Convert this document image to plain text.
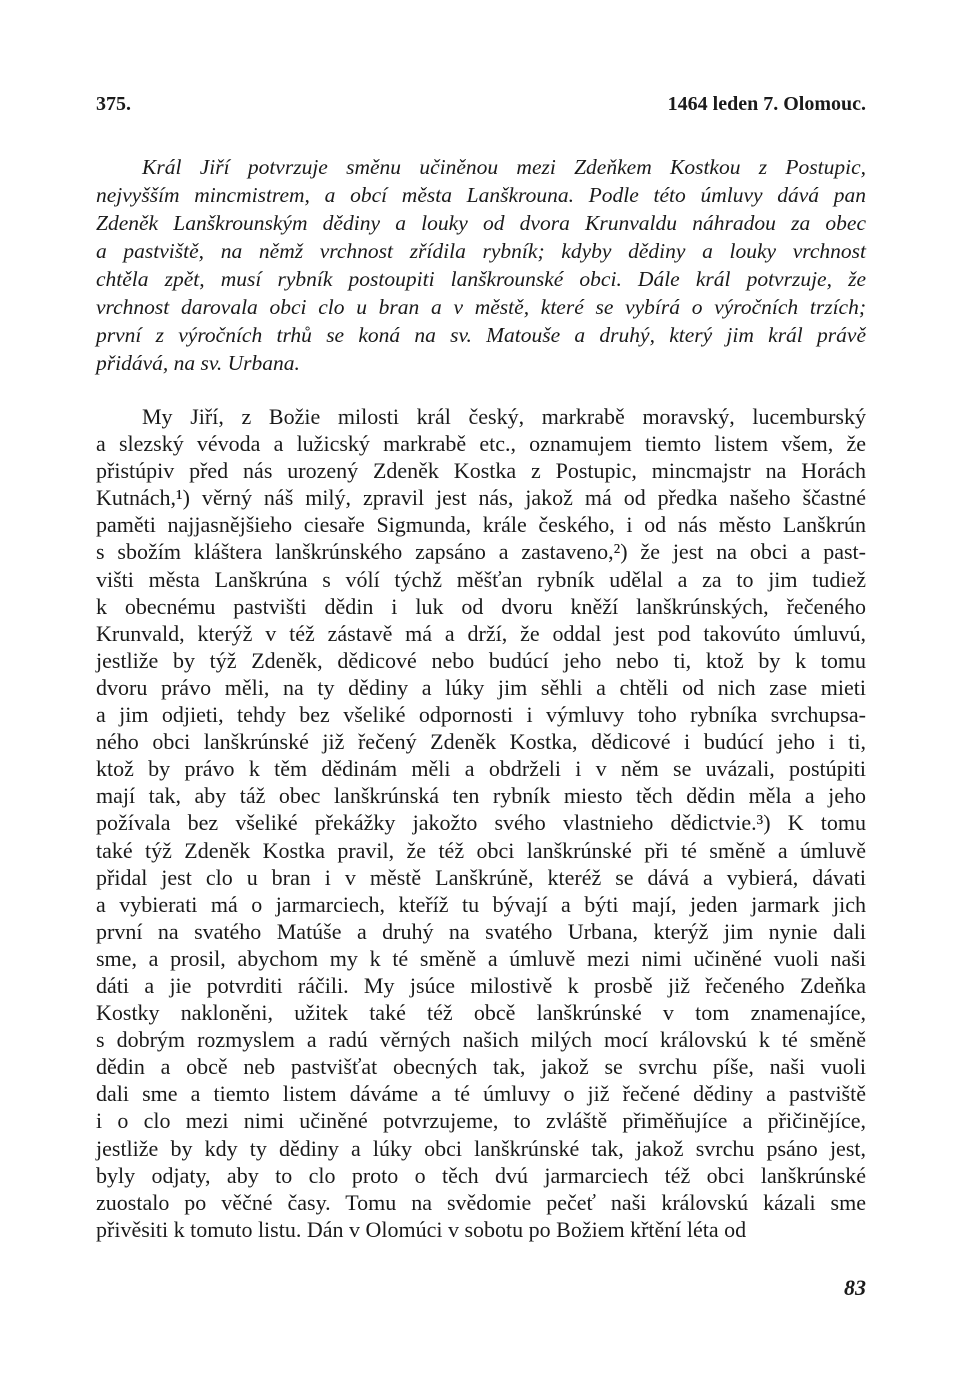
375.	1464 leden 7. Olomouc.
Král Jiří potvrzuje směnu učiněnou mezi Zdeňkem Kostkou z Postupic,
nejvyšším mincmistrem, a obcí města Lanškrouna. Podle této úmluvy dává pan
Zdeněk Lanškrounským dědiny a louky od dvora Krunvaldu náhradou za obec
a pastviště, na němž vrchnost zřídila rybník; kdyby dědiny a louky vrchnost
chtěla zpět, musí rybník postoupiti lanškrounské obci. Dále král potvrzuje, že
vrchnost darovala obci clo u bran a v městě, které se vybírá o výročních trzích;
první z výročních trhů se koná na sv. Matouše a druhý, který jim král právě
přidává, na sv. Urbana.
My Jiří, z Božie milosti král český, markrabě moravský, lucemburský
a slezský vévoda a lužicský markrabě etc., oznamujem tiemto listem všem, že
přistúpiv před nás urozený Zdeněk Kostka z Postupic, mincmajstr na Horách
Kutnách,¹) věrný náš milý, zpravil jest nás, jakož má od předka našeho ščastné
paměti najjasnějšieho ciesaře Sigmunda, krále českého, i od nás město Lanškrún
s sbožím kláštera lanškrúnského zapsáno a zastaveno,²) že jest na obci a past-
višti města Lanškrúna s vólí týchž měšťan rybník udělal a za to jim tudiež
k obecnému pastvišti dědin i luk od dvoru kněží lanškrúnských, řečeného
Krunvald, kterýž v též zástavě má a drží, že oddal jest pod takovúto úmluvú,
jestliže by týž Zdeněk, dědicové nebo budúcí jeho nebo ti, ktož by k tomu
dvoru právo měli, na ty dědiny a lúky jim sěhli a chtěli od nich zase mieti
a jim odjieti, tehdy bez všeliké odpornosti i výmluvy toho rybníka svrchupsa-
ného obci lanškrúnské již řečený Zdeněk Kostka, dědicové i budúcí jeho i ti,
ktož by právo k těm dědinám měli a obdrželi i v něm se uvázali, postúpiti
mají tak, aby táž obec lanškrúnská ten rybník miesto těch dědin měla a jeho
požívala bez všeliké překážky jakožto svého vlastnieho dědictvie.³) K tomu
také týž Zdeněk Kostka pravil, že též obci lanškrúnské při té směně a úmluvě
přidal jest clo u bran i v městě Lanškrúně, kteréž se dává a vybierá, dávati
a vybierati má o jarmarciech, kteříž tu bývají a býti mají, jeden jarmark jich
první na svatého Matúše a druhý na svatého Urbana, kterýž jim nynie dali
sme, a prosil, abychom my k té směně a úmluvě mezi nimi učiněné vuoli naši
dáti a jie potvrditi ráčili. My jsúce milostivě k prosbě již řečeného Zdeňka
Kostky nakloněni, užitek také též obcě lanškrúnské v tom znamenajíce,
s dobrým rozmyslem a radú věrných našich milých mocí královskú k té směně
dědin a obcě neb pastvišťat obecných tak, jakož se svrchu píše, naši vuoli
dali sme a tiemto listem dáváme a té úmluvy o již řečené dědiny a pastviště
i o clo mezi nimi učiněné potvrzujeme, to zvláště přiměňujíce a přičinějíce,
jestliže by kdy ty dědiny a lúky obci lanškrúnské tak, jakož svrchu psáno jest,
byly odjaty, aby to clo proto o těch dvú jarmarciech též obci lanškrúnské
zuostalo po věčné časy. Tomu na svědomie pečeť naši královskú kázali sme
přivěsiti k tomuto listu. Dán v Olomúci v sobotu po Božiem křtění léta od
83
